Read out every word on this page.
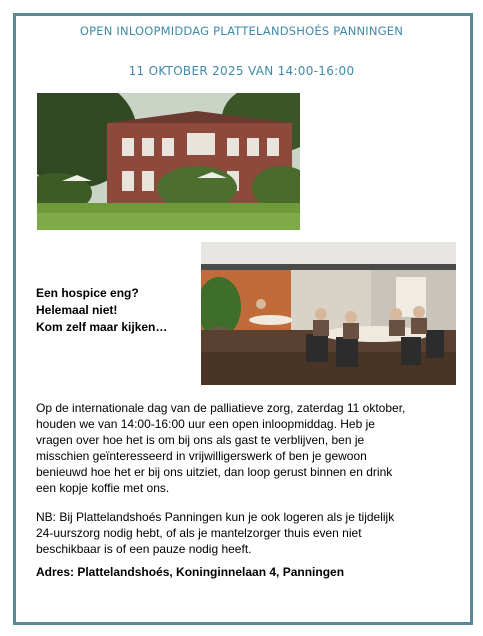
OPEN INLOOPMIDDAG PLATTELANDSHOÉS PANNINGEN
11 OKTOBER 2025 VAN 14:00-16:00
Een hospice eng?
Helemaal niet!
Kom zelf maar kijken…
Op de internationale dag van de palliatieve zorg, zaterdag 11 oktober,
houden we van 14:00-16:00 uur een open inloopmiddag. Heb je
vragen over hoe het is om bij ons als gast te verblijven, ben je
misschien geïnteresseerd in vrijwilligerswerk of ben je gewoon
benieuwd hoe het er bij ons uitziet, dan loop gerust binnen en drink
een kopje koffie met ons.
NB: Bij Plattelandshoés Panningen kun je ook logeren als je tijdelijk
24-uurszorg nodig hebt, of als je mantelzorger thuis even niet
beschikbaar is of een pauze nodig heeft.
Adres: Plattelandshoés, Koninginnelaan 4, Panningen
